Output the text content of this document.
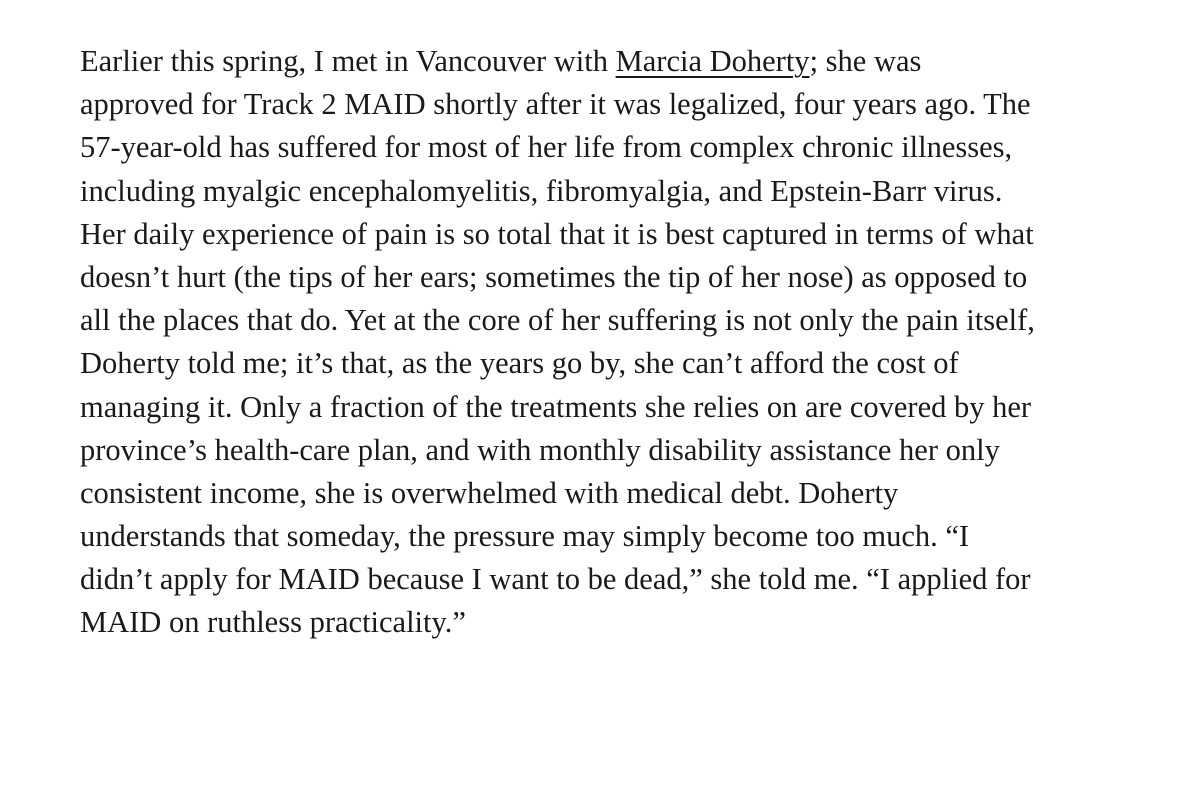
Earlier this spring, I met in Vancouver with Marcia Doherty; she was
approved for Track 2 MAID shortly after it was legalized, four years ago. The
57-year-old has suffered for most of her life from complex chronic illnesses,
including myalgic encephalomyelitis, fibromyalgia, and Epstein-Barr virus.
Her daily experience of pain is so total that it is best captured in terms of what
doesn’t hurt (the tips of her ears; sometimes the tip of her nose) as opposed to
all the places that do. Yet at the core of her suffering is not only the pain itself,
Doherty told me; it’s that, as the years go by, she can’t afford the cost of
managing it. Only a fraction of the treatments she relies on are covered by her
province’s health-care plan, and with monthly disability assistance her only
consistent income, she is overwhelmed with medical debt. Doherty
understands that someday, the pressure may simply become too much. “I
didn’t apply for MAID because I want to be dead,” she told me. “I applied for
MAID on ruthless practicality.”
